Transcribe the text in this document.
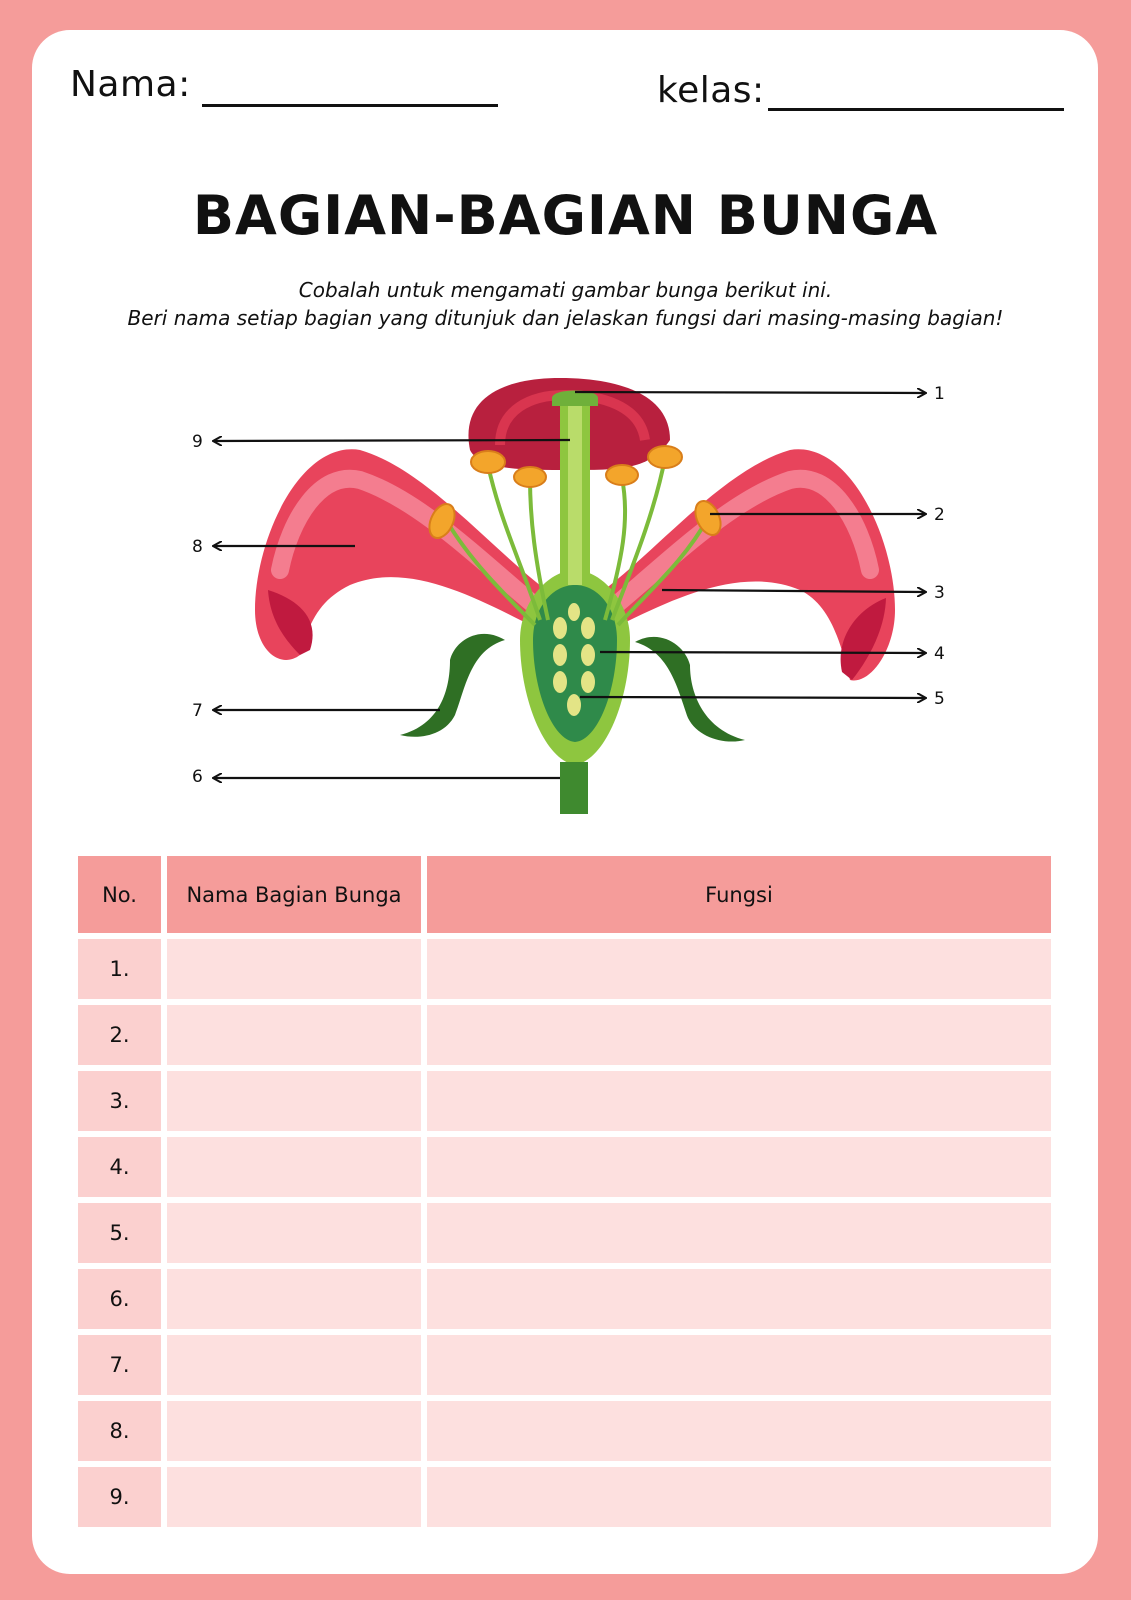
Nama:	kelas:
BAGIAN-BAGIAN BUNGA
Cobalah untuk mengamati gambar bunga berikut ini.
Beri nama setiap bagian yang ditunjuk dan jelaskan fungsi dari masing-masing bagian!
1
2
3
4
5
6
7
8
9
No.	Nama Bagian Bunga	Fungsi
1.
2.
3.
4.
5.
6.
7.
8.
9.
